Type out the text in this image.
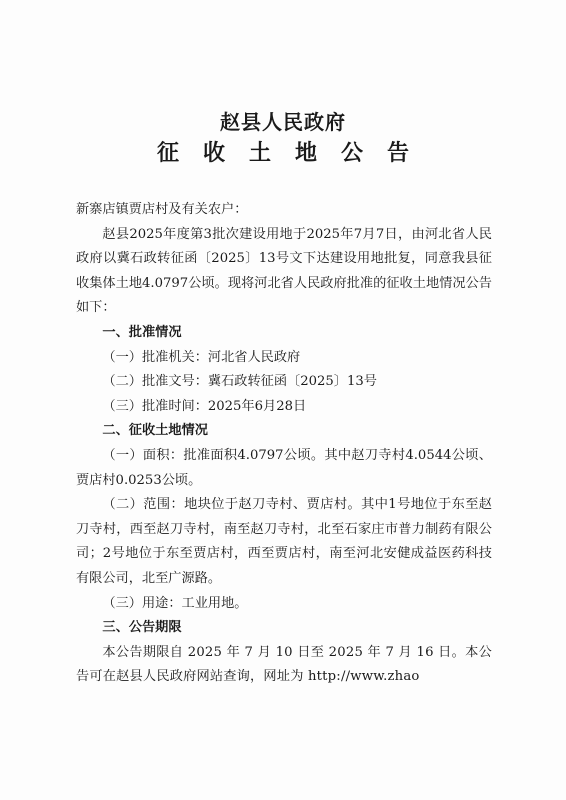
赵县人民政府
征收土地公告

新寨店镇贾店村及有关农户：

赵县2025年度第3批次建设用地于2025年7月7日，由河北省人民政府以冀石政转征函〔2025〕13号文下达建设用地批复，同意我县征收集体土地4.0797公顷。现将河北省人民政府批准的征收土地情况公告如下：

一、批准情况

（一）批准机关：河北省人民政府

（二）批准文号：冀石政转征函〔2025〕13号

（三）批准时间：2025年6月28日

二、征收土地情况

（一）面积：批准面积4.0797公顷。其中赵刀寺村4.0544公顷、贾店村0.0253公顷。

（二）范围：地块位于赵刀寺村、贾店村。其中1号地位于东至赵刀寺村，西至赵刀寺村，南至赵刀寺村，北至石家庄市普力制药有限公司；2号地位于东至贾店村，西至贾店村，南至河北安健成益医药科技有限公司，北至广源路。

（三）用途：工业用地。

三、公告期限

本公告期限自 2025 年 7 月 10 日至 2025 年 7 月 16 日。本公告可在赵县人民政府网站查询，网址为 http://www.zhao
